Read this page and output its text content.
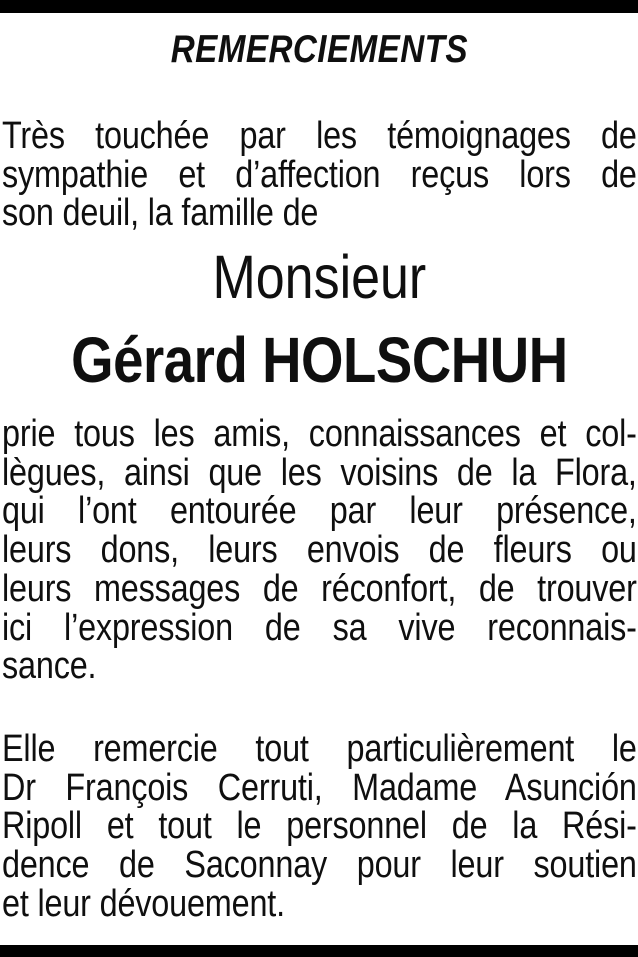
REMERCIEMENTS
Très touchée par les témoignages de
sympathie et d’affection reçus lors de
son deuil, la famille de
Monsieur
Gérard HOLSCHUH
prie tous les amis, connaissances et col-
lègues, ainsi que les voisins de la Flora,
qui l’ont entourée par leur présence,
leurs dons, leurs envois de fleurs ou
leurs messages de réconfort, de trouver
ici l’expression de sa vive reconnais-
sance.
Elle remercie tout particulièrement le
Dr François Cerruti, Madame Asunción
Ripoll et tout le personnel de la Rési-
dence de Saconnay pour leur soutien
et leur dévouement.
